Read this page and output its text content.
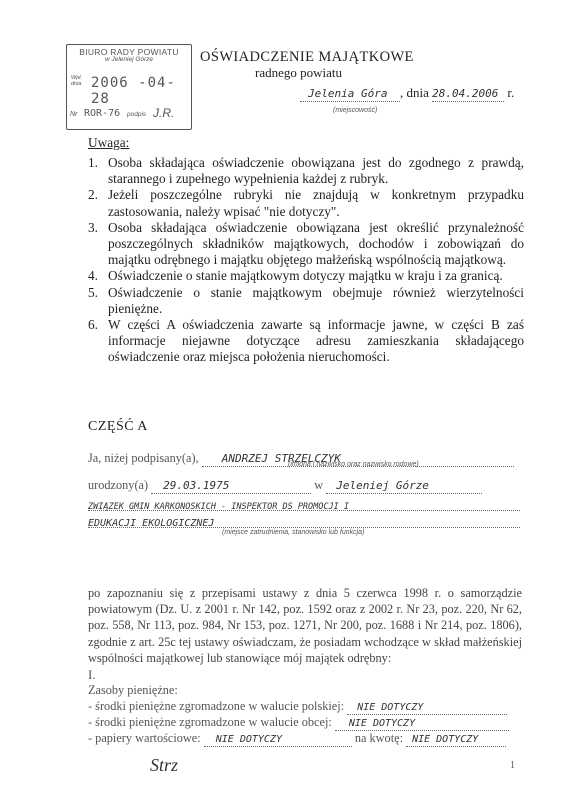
BIURO RADY POWIATU
w Jeleniej Górze
Wpł. dnia 2006 -04- 28
Nr ROR-76 podpis J.R.
OŚWIADCZENIE MAJĄTKOWE
radnego powiatu
Jelenia Góra , dnia 28.04.2006 r.
(miejscowość)
Uwaga:
1. Osoba składająca oświadczenie obowiązana jest do zgodnego z prawdą, starannego i zupełnego wypełnienia każdej z rubryk.
2. Jeżeli poszczególne rubryki nie znajdują w konkretnym przypadku zastosowania, należy wpisać "nie dotyczy".
3. Osoba składająca oświadczenie obowiązana jest określić przynależność poszczególnych składników majątkowych, dochodów i zobowiązań do majątku odrębnego i majątku objętego małżeńską wspólnością majątkową.
4. Oświadczenie o stanie majątkowym dotyczy majątku w kraju i za granicą.
5. Oświadczenie o stanie majątkowym obejmuje również wierzytelności pieniężne.
6. W części A oświadczenia zawarte są informacje jawne, w części B zaś informacje niejawne dotyczące adresu zamieszkania składającego oświadczenie oraz miejsca położenia nieruchomości.
CZĘŚĆ A
Ja, niżej podpisany(a), ANDRZEJ STRZELCZYK
(imiona i nazwisko oraz nazwisko rodowe)
urodzony(a) 29.03.1975	w Jeleniej Górze
ZWIĄZEK GMIN KARKONOSKICH - INSPEKTOR DS PROMOCJI I
EDUKACJI EKOLOGICZNEJ
(miejsce zatrudnienia, stanowisko lub funkcja)
po zapoznaniu się z przepisami ustawy z dnia 5 czerwca 1998 r. o samorządzie powiatowym (Dz. U. z 2001 r. Nr 142, poz. 1592 oraz z 2002 r. Nr 23, poz. 220, Nr 62, poz. 558, Nr 113, poz. 984, Nr 153, poz. 1271, Nr 200, poz. 1688 i Nr 214, poz. 1806), zgodnie z art. 25c tej ustawy oświadczam, że posiadam wchodzące w skład małżeńskiej wspólności majątkowej lub stanowiące mój majątek odrębny:
I.
Zasoby pieniężne:
- środki pieniężne zgromadzone w walucie polskiej: NIE DOTYCZY
- środki pieniężne zgromadzone w walucie obcej: NIE DOTYCZY
- papiery wartościowe: NIE DOTYCZY	na kwotę: NIE DOTYCZY
Strz	1
